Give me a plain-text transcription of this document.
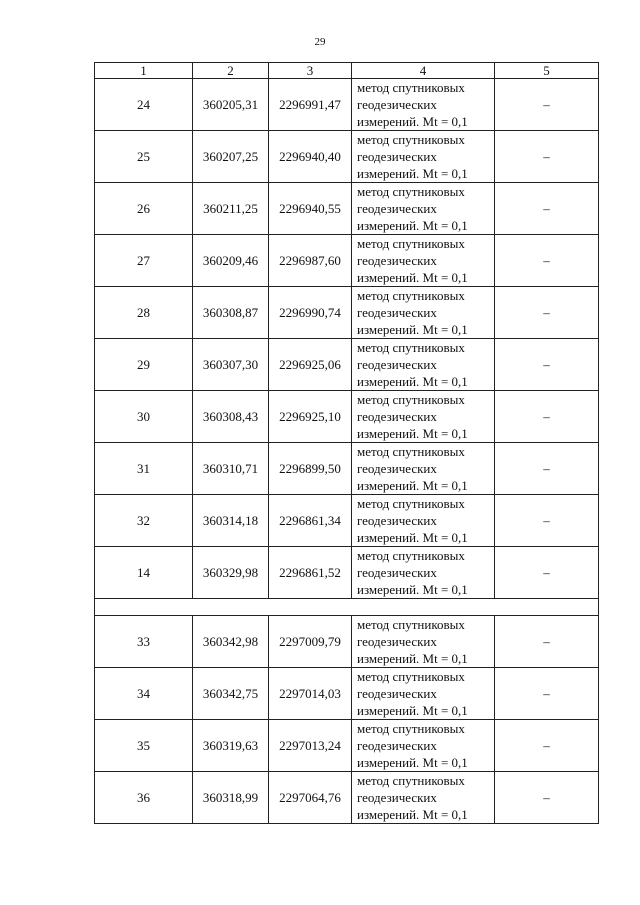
29
1	2	3	4	5
24	360205,31	2296991,47	метод спутниковых
геодезических
измерений. Mt = 0,1	–
25	360207,25	2296940,40	метод спутниковых
геодезических
измерений. Mt = 0,1	–
26	360211,25	2296940,55	метод спутниковых
геодезических
измерений. Mt = 0,1	–
27	360209,46	2296987,60	метод спутниковых
геодезических
измерений. Mt = 0,1	–
28	360308,87	2296990,74	метод спутниковых
геодезических
измерений. Mt = 0,1	–
29	360307,30	2296925,06	метод спутниковых
геодезических
измерений. Mt = 0,1	–
30	360308,43	2296925,10	метод спутниковых
геодезических
измерений. Mt = 0,1	–
31	360310,71	2296899,50	метод спутниковых
геодезических
измерений. Mt = 0,1	–
32	360314,18	2296861,34	метод спутниковых
геодезических
измерений. Mt = 0,1	–
14	360329,98	2296861,52	метод спутниковых
геодезических
измерений. Mt = 0,1	–

33	360342,98	2297009,79	метод спутниковых
геодезических
измерений. Mt = 0,1	–
34	360342,75	2297014,03	метод спутниковых
геодезических
измерений. Mt = 0,1	–
35	360319,63	2297013,24	метод спутниковых
геодезических
измерений. Mt = 0,1	–
36	360318,99	2297064,76	метод спутниковых
геодезических
измерений. Mt = 0,1	–
